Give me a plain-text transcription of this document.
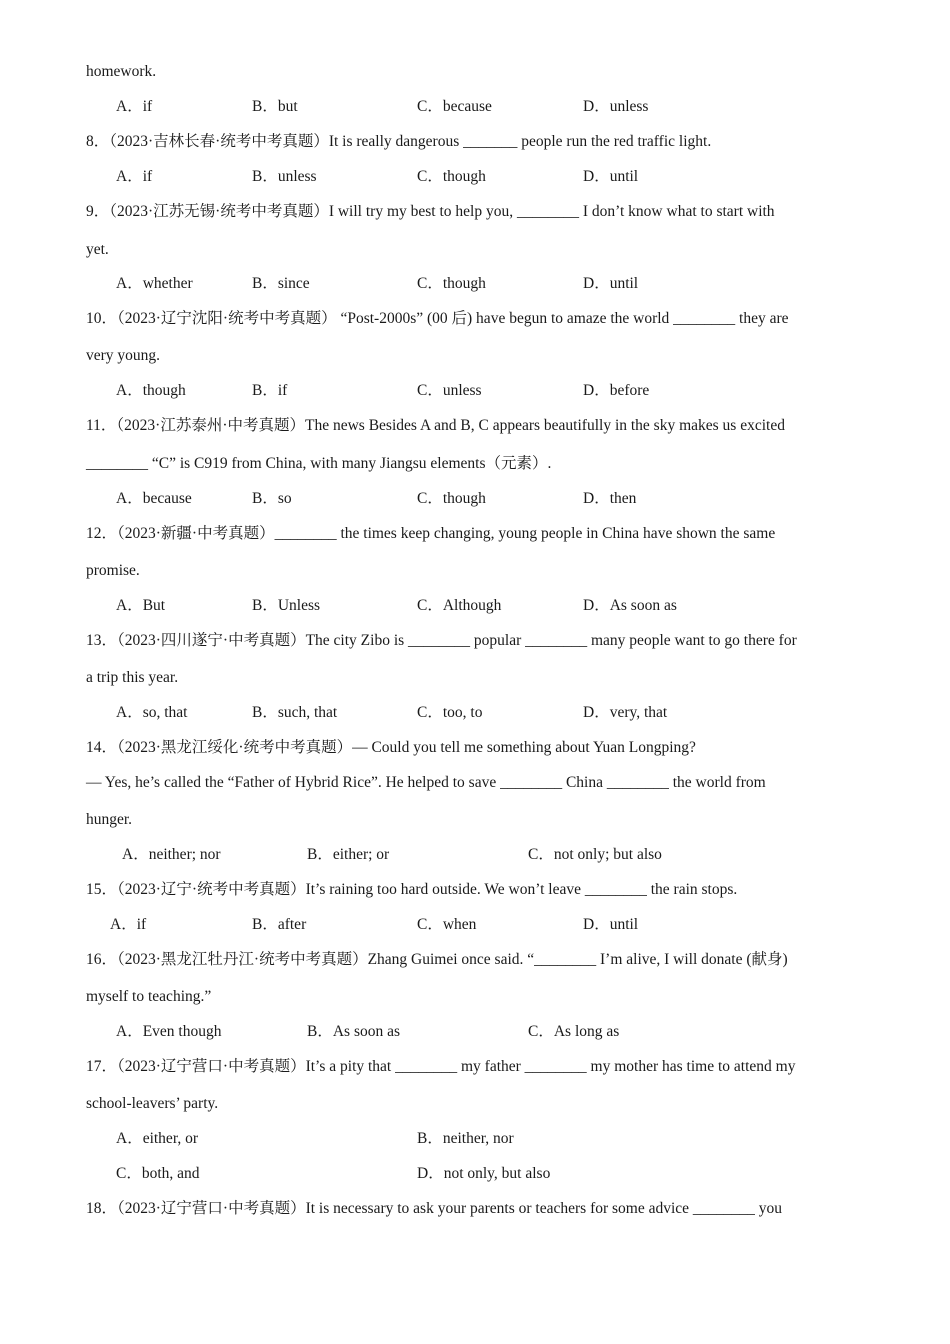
homework.
A．if	B．but	C．because	D．unless
8．（2023·吉林长春·统考中考真题）It is really dangerous _______ people run the red traffic light.
A．if	B．unless	C．though	D．until
9．（2023·江苏无锡·统考中考真题）I will try my best to help you, ________ I don’t know what to start with
yet.
A．whether	B．since	C．though	D．until
10．（2023·辽宁沈阳·统考中考真题） “Post-2000s” (00 后) have begun to amaze the world ________ they are
very young.
A．though	B．if	C．unless	D．before
11．（2023·江苏泰州·中考真题）The news Besides A and B, C appears beautifully in the sky makes us excited
________ “C” is C919 from China, with many Jiangsu elements（元素）.
A．because	B．so	C．though	D．then
12．（2023·新疆·中考真题）________ the times keep changing, young people in China have shown the same
promise.
A．But	B．Unless	C．Although	D．As soon as
13．（2023·四川遂宁·中考真题）The city Zibo is ________ popular ________ many people want to go there for
a trip this year.
A．so, that	B．such, that	C．too, to	D．very, that
14．（2023·黑龙江绥化·统考中考真题）— Could you tell me something about Yuan Longping?
— Yes, he’s called the “Father of Hybrid Rice”. He helped to save ________ China ________ the world from
hunger.
A．neither; nor	B．either; or	C．not only; but also
15．（2023·辽宁·统考中考真题）It’s raining too hard outside. We won’t leave ________ the rain stops.
A．if	B．after	C．when	D．until
16．（2023·黑龙江牡丹江·统考中考真题）Zhang Guimei once said. “________ I’m alive, I will donate (献身)
myself to teaching.”
A．Even though	B．As soon as	C．As long as
17．（2023·辽宁营口·中考真题）It’s a pity that ________ my father ________ my mother has time to attend my
school-leavers’ party.
A．either, or	B．neither, nor
C．both, and	D．not only, but also
18．（2023·辽宁营口·中考真题）It is necessary to ask your parents or teachers for some advice ________ you
